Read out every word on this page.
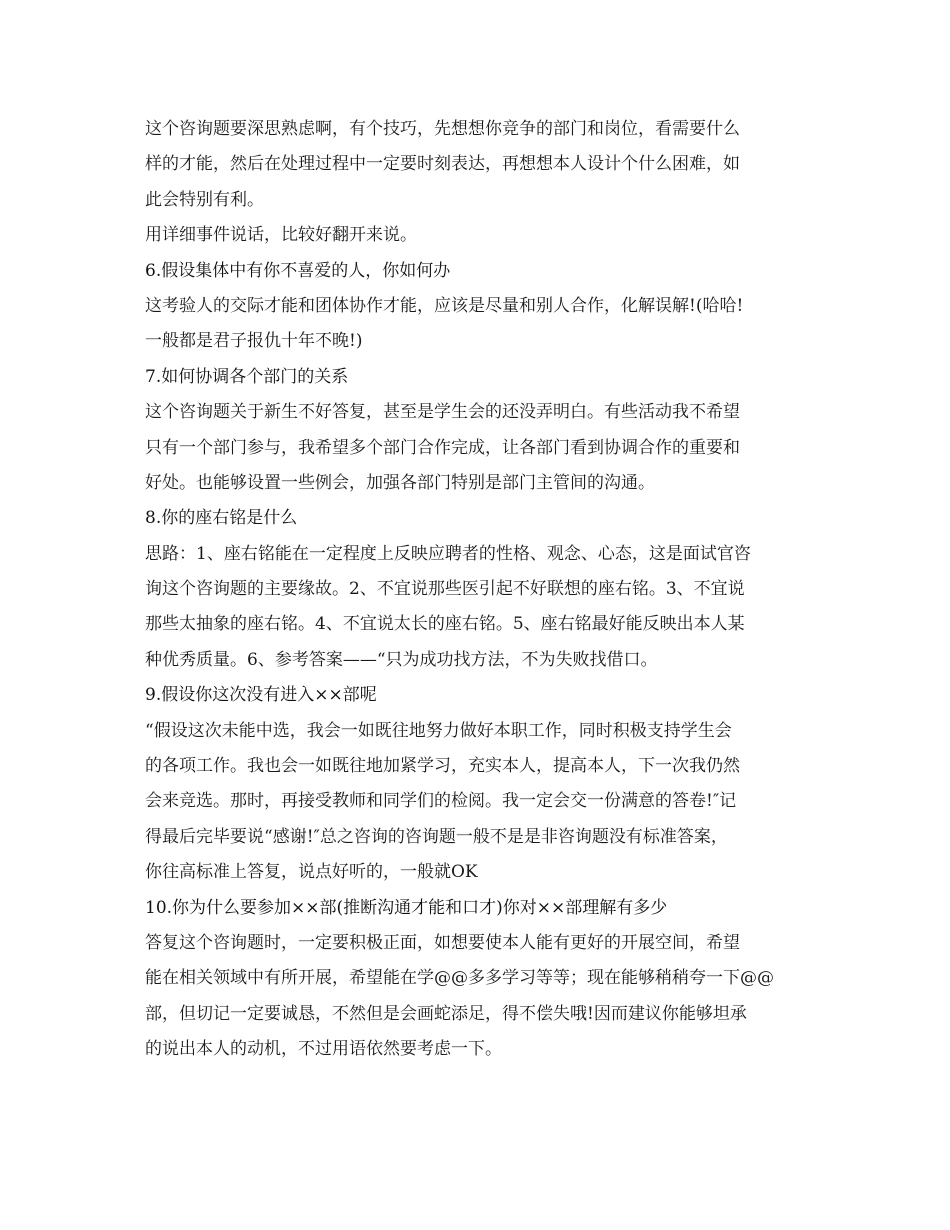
这个咨询题要深思熟虑啊，有个技巧，先想想你竞争的部门和岗位，看需要什么
样的才能，然后在处理过程中一定要时刻表达，再想想本人设计个什么困难，如
此会特别有利。
用详细事件说话，比较好翻开来说。
6.假设集体中有你不喜爱的人，你如何办
这考验人的交际才能和团体协作才能，应该是尽量和别人合作，化解误解!(哈哈!
一般都是君子报仇十年不晚!)
7.如何协调各个部门的关系
这个咨询题关于新生不好答复，甚至是学生会的还没弄明白。有些活动我不希望
只有一个部门参与，我希望多个部门合作完成，让各部门看到协调合作的重要和
好处。也能够设置一些例会，加强各部门特别是部门主管间的沟通。
8.你的座右铭是什么
思路：1、座右铭能在一定程度上反映应聘者的性格、观念、心态，这是面试官咨
询这个咨询题的主要缘故。2、不宜说那些医引起不好联想的座右铭。3、不宜说
那些太抽象的座右铭。4、不宜说太长的座右铭。5、座右铭最好能反映出本人某
种优秀质量。6、参考答案——“只为成功找方法，不为失败找借口。
9.假设你这次没有进入××部呢
“假设这次未能中选，我会一如既往地努力做好本职工作，同时积极支持学生会
的各项工作。我也会一如既往地加紧学习，充实本人，提高本人，下一次我仍然
会来竞选。那时，再接受教师和同学们的检阅。我一定会交一份满意的答卷!″记
得最后完毕要说“感谢!″总之咨询的咨询题一般不是是非咨询题没有标准答案，
你往高标准上答复，说点好听的，一般就OK
10.你为什么要参加××部(推断沟通才能和口才)你对××部理解有多少
答复这个咨询题时，一定要积极正面，如想要使本人能有更好的开展空间，希望
能在相关领域中有所开展，希望能在学@@多多学习等等；现在能够稍稍夸一下@@
部，但切记一定要诚恳，不然但是会画蛇添足，得不偿失哦!因而建议你能够坦承
的说出本人的动机，不过用语依然要考虑一下。
